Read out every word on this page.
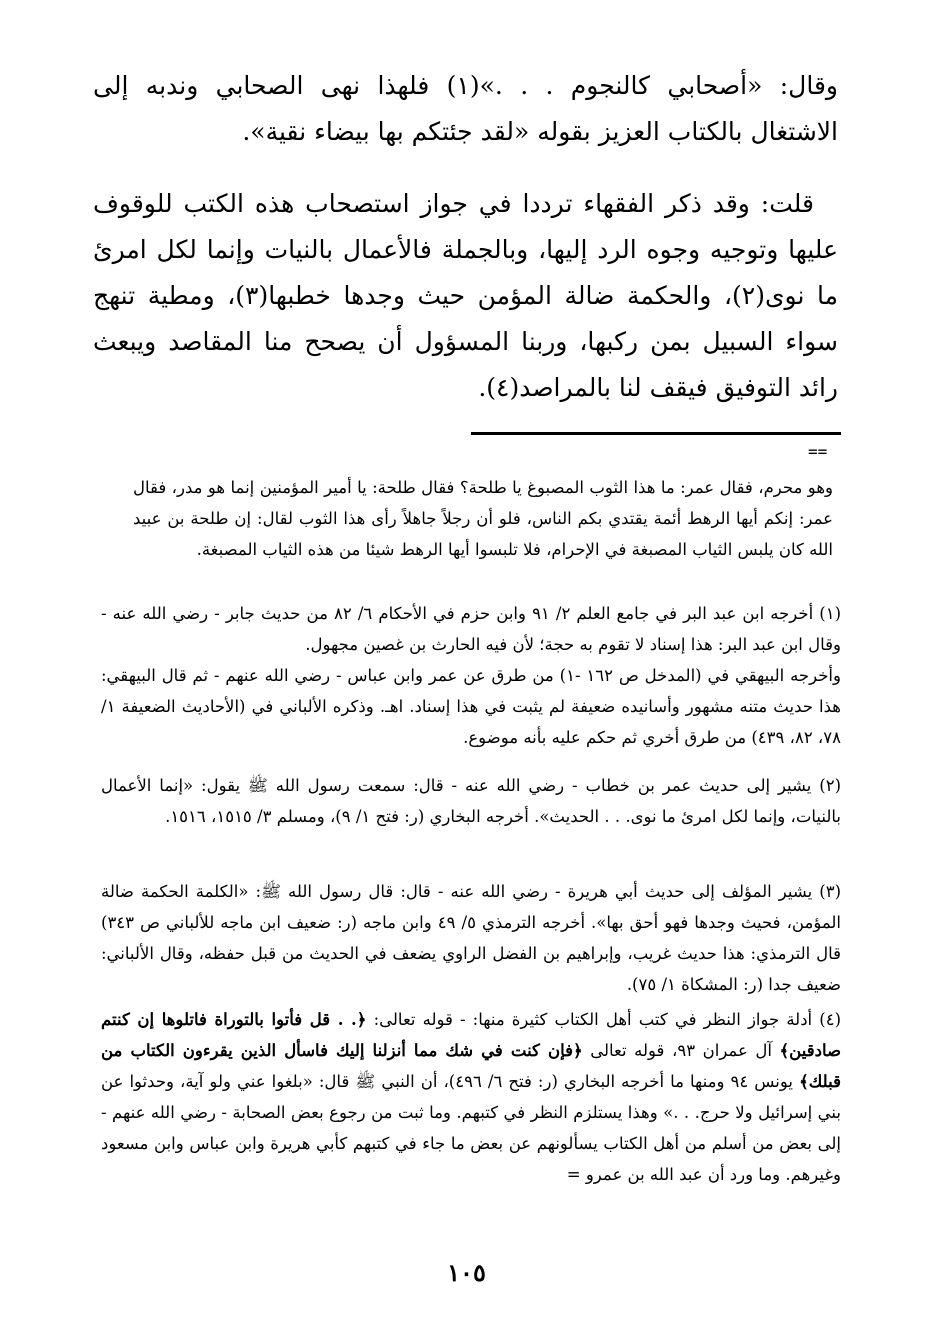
وقال: «أصحابي كالنجوم . . .»(١) فلهذا نهى الصحابي وندبه إلى الاشتغال بالكتاب العزيز بقوله «لقد جئتكم بها بيضاء نقية».

قلت: وقد ذكر الفقهاء ترددا في جواز استصحاب هذه الكتب للوقوف عليها وتوجيه وجوه الرد إليها، وبالجملة فالأعمال بالنيات وإنما لكل امرئ ما نوى(٢)، والحكمة ضالة المؤمن حيث وجدها خطبها(٣)، ومطية تنهج سواء السبيل بمن ركبها، وربنا المسؤول أن يصحح منا المقاصد ويبعث رائد التوفيق فيقف لنا بالمراصد(٤).

==
وهو محرم، فقال عمر: ما هذا الثوب المصبوغ يا طلحة؟ فقال طلحة: يا أمير المؤمنين إنما هو مدر، فقال عمر: إنكم أيها الرهط أئمة يقتدي بكم الناس، فلو أن رجلاً جاهلاً رأى هذا الثوب لقال: إن طلحة بن عبيد الله كان يلبس الثياب المصبغة في الإحرام، فلا تلبسوا أيها الرهط شيئا من هذه الثياب المصبغة.
(١) أخرجه ابن عبد البر في جامع العلم ٢/ ٩١ وابن حزم في الأحكام ٦/ ٨٢ من حديث جابر - رضي الله عنه - وقال ابن عبد البر: هذا إسناد لا تقوم به حجة؛ لأن فيه الحارث بن غصين مجهول.
وأخرجه البيهقي في (المدخل ص ١٦٢ -١) من طرق عن عمر وابن عباس - رضي الله عنهم - ثم قال البيهقي: هذا حديث متنه مشهور وأسانيده ضعيفة لم يثبت في هذا إسناد. اهـ. وذكره الألباني في (الأحاديث الضعيفة ١/ ٧٨، ٨٢، ٤٣٩) من طرق أخري ثم حكم عليه بأنه موضوع.
(٢) يشير إلى حديث عمر بن خطاب - رضي الله عنه - قال: سمعت رسول الله ﷺ يقول: «إنما الأعمال بالنيات، وإنما لكل امرئ ما نوى. . . الحديث». أخرجه البخاري (ر: فتح ١/ ٩)، ومسلم ٣/ ١٥١٥، ١٥١٦.
(٣) يشير المؤلف إلى حديث أبي هريرة - رضي الله عنه - قال: قال رسول الله ﷺ: «الكلمة الحكمة ضالة المؤمن، فحيث وجدها فهو أحق بها». أخرجه الترمذي ٥/ ٤٩ وابن ماجه (ر: ضعيف ابن ماجه للألباني ص ٣٤٣) قال الترمذي: هذا حديث غريب، وإبراهيم بن الفضل الراوي يضعف في الحديث من قبل حفظه، وقال الألباني: ضعيف جدا (ر: المشكاة ١/ ٧٥).
(٤) أدلة جواز النظر في كتب أهل الكتاب كثيرة منها: - قوله تعالى: ﴿. . قل فأتوا بالتوراة فاتلوها إن كنتم صادقين﴾ آل عمران ٩٣، قوله تعالى ﴿فإن كنت في شك مما أنزلنا إليك فاسأل الذين يقرءون الكتاب من قبلك﴾ يونس ٩٤ ومنها ما أخرجه البخاري (ر: فتح ٦/ ٤٩٦)، أن النبي ﷺ قال: «بلغوا عني ولو آية، وحدثوا عن بني إسرائيل ولا حرج. . .» وهذا يستلزم النظر في كتبهم. وما ثبت من رجوع بعض الصحابة - رضي الله عنهم - إلى بعض من أسلم من أهل الكتاب يسألونهم عن بعض ما جاء في كتبهم كأبي هريرة وابن عباس وابن مسعود وغيرهم. وما ورد أن عبد الله بن عمرو =
١٠٥
